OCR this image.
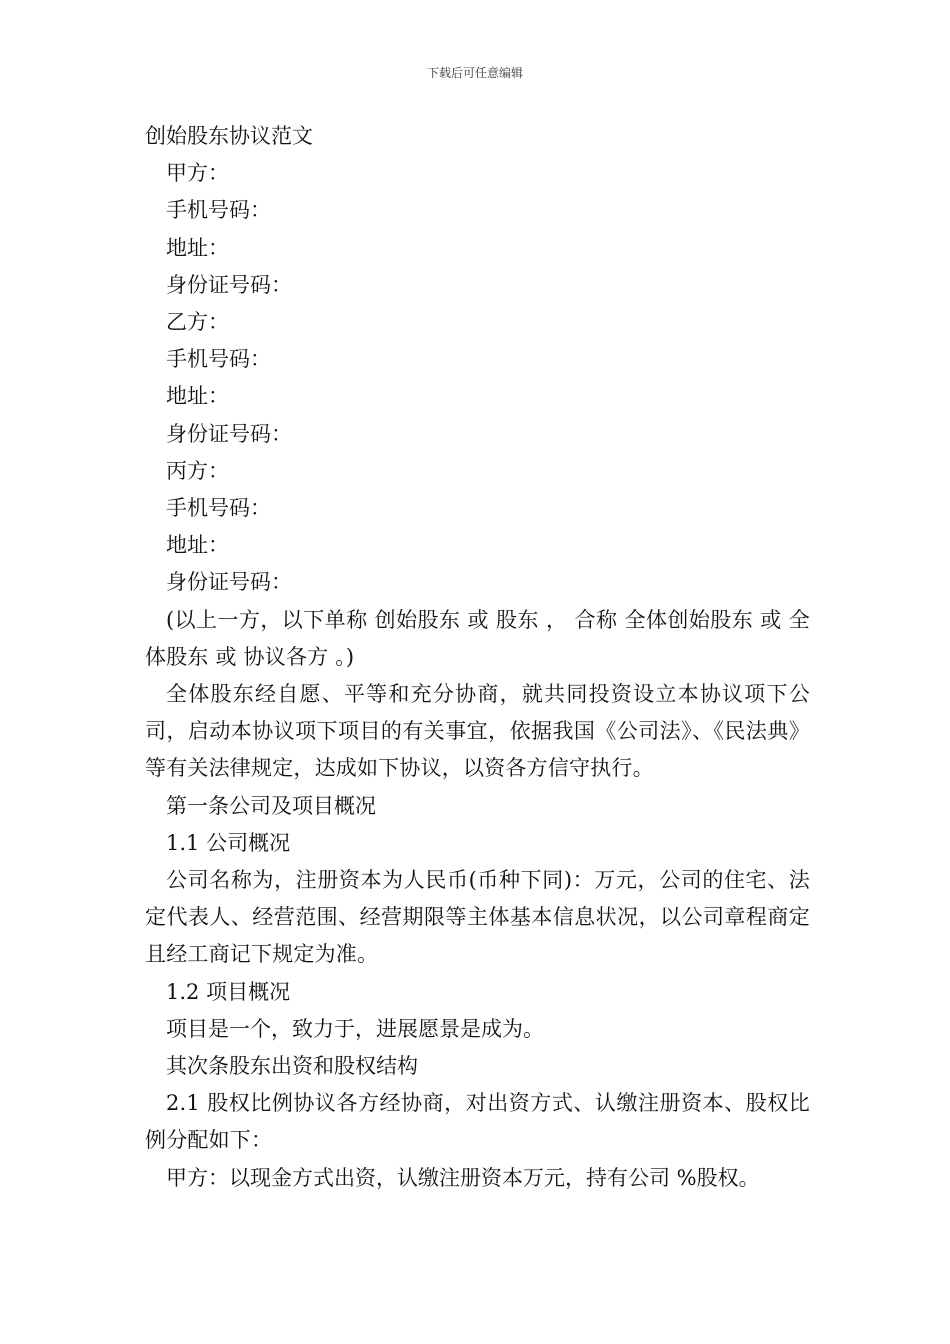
下载后可任意编辑
创始股东协议范文
甲方：
手机号码：
地址：
身份证号码：
乙方：
手机号码：
地址：
身份证号码：
丙方：
手机号码：
地址：
身份证号码：
(以上一方，以下单称 创始股东 或 股东 ， 合称 全体创始股东 或 全体股东 或 协议各方 。)
全体股东经自愿、平等和充分协商，就共同投资设立本协议项下公司，启动本协议项下项目的有关事宜，依据我国《公司法》、《民法典》等有关法律规定，达成如下协议，以资各方信守执行。
第一条公司及项目概况
1.1 公司概况
公司名称为，注册资本为人民币(币种下同)：万元，公司的住宅、法定代表人、经营范围、经营期限等主体基本信息状况，以公司章程商定且经工商记下规定为准。
1.2 项目概况
项目是一个，致力于，进展愿景是成为。
其次条股东出资和股权结构
2.1 股权比例协议各方经协商，对出资方式、认缴注册资本、股权比例分配如下：
甲方：以现金方式出资，认缴注册资本万元，持有公司 %股权。
